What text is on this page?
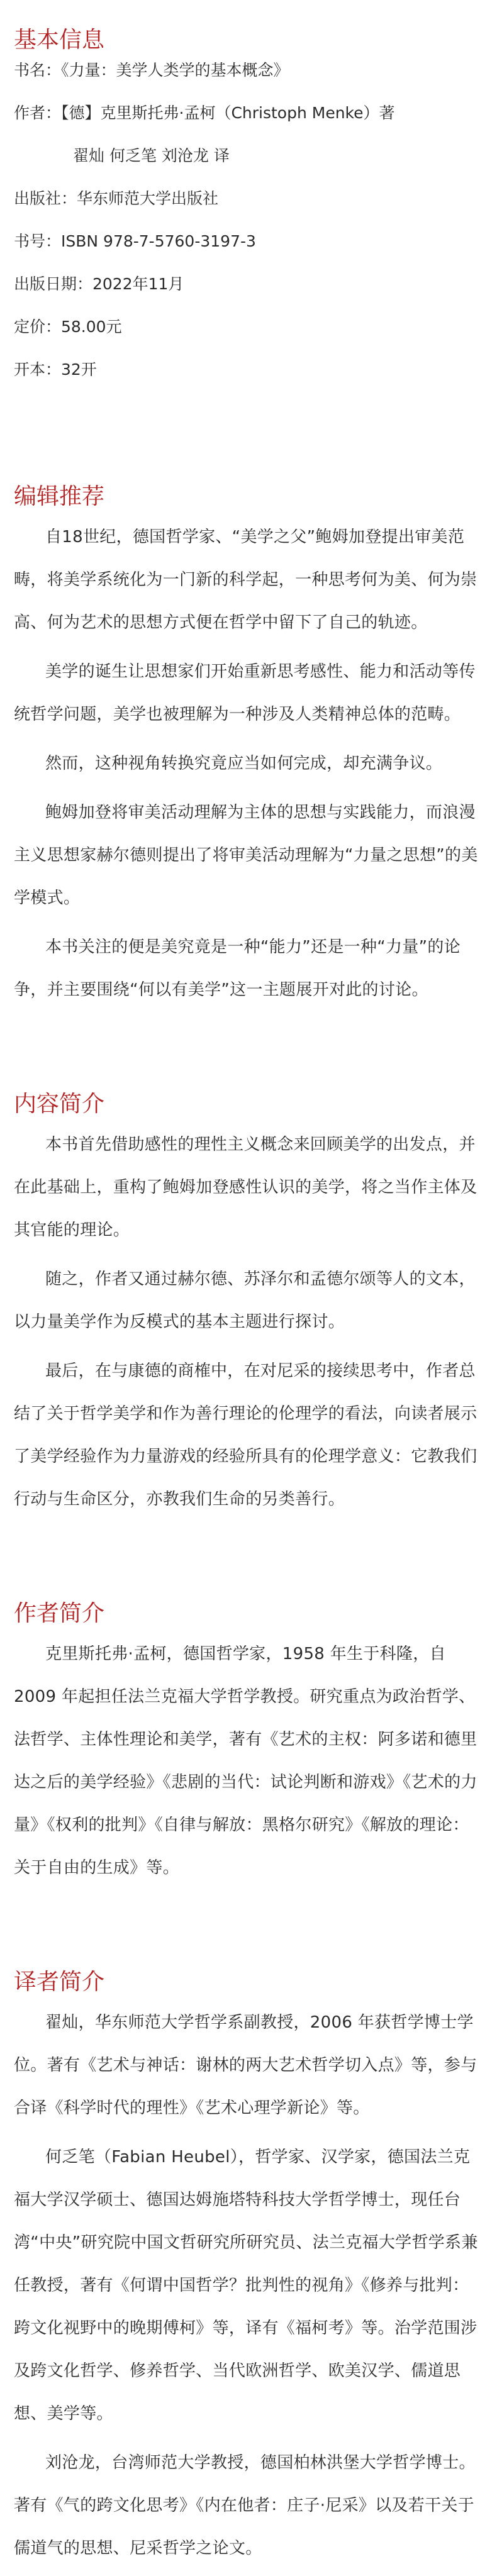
基本信息

书名：《力量：美学人类学的基本概念》

作者：【德】克里斯托弗·孟柯（Christoph Menke）著

翟灿 何乏笔 刘沧龙 译

出版社：华东师范大学出版社

书号：ISBN 978-7-5760-3197-3

出版日期：2022年11月

定价：58.00元

开本：32开

编辑推荐

自18世纪，德国哲学家、“美学之父”鲍姆加登提出审美范畴，将美学系统化为一门新的科学起，一种思考何为美、何为崇高、何为艺术的思想方式便在哲学中留下了自己的轨迹。

美学的诞生让思想家们开始重新思考感性、能力和活动等传统哲学问题，美学也被理解为一种涉及人类精神总体的范畴。

然而，这种视角转换究竟应当如何完成，却充满争议。

鲍姆加登将审美活动理解为主体的思想与实践能力，而浪漫主义思想家赫尔德则提出了将审美活动理解为“力量之思想”的美学模式。

本书关注的便是美究竟是一种“能力”还是一种“力量”的论争，并主要围绕“何以有美学”这一主题展开对此的讨论。

内容简介

本书首先借助感性的理性主义概念来回顾美学的出发点，并在此基础上，重构了鲍姆加登感性认识的美学，将之当作主体及其官能的理论。

随之，作者又通过赫尔德、苏泽尔和孟德尔颂等人的文本，以力量美学作为反模式的基本主题进行探讨。

最后，在与康德的商榷中，在对尼采的接续思考中，作者总结了关于哲学美学和作为善行理论的伦理学的看法，向读者展示了美学经验作为力量游戏的经验所具有的伦理学意义：它教我们行动与生命区分，亦教我们生命的另类善行。

作者简介

克里斯托弗·孟柯，德国哲学家，1958 年生于科隆，自 2009 年起担任法兰克福大学哲学教授。研究重点为政治哲学、法哲学、主体性理论和美学，著有《艺术的主权：阿多诺和德里达之后的美学经验》《悲剧的当代：试论判断和游戏》《艺术的力量》《权利的批判》《自律与解放：黑格尔研究》《解放的理论：关于自由的生成》等。

译者简介

翟灿，华东师范大学哲学系副教授，2006 年获哲学博士学位。著有《艺术与神话：谢林的两大艺术哲学切入点》等，参与合译《科学时代的理性》《艺术心理学新论》等。

何乏笔（Fabian Heubel），哲学家、汉学家，德国法兰克福大学汉学硕士、德国达姆施塔特科技大学哲学博士，现任台湾“中央”研究院中国文哲研究所研究员、法兰克福大学哲学系兼任教授，著有《何谓中国哲学？批判性的视角》《修养与批判：跨文化视野中的晚期傅柯》等，译有《福柯考》等。治学范围涉及跨文化哲学、修养哲学、当代欧洲哲学、欧美汉学、儒道思想、美学等。

刘沧龙，台湾师范大学教授，德国柏林洪堡大学哲学博士。著有《气的跨文化思考》《内在他者：庄子·尼采》以及若干关于儒道气的思想、尼采哲学之论文。
